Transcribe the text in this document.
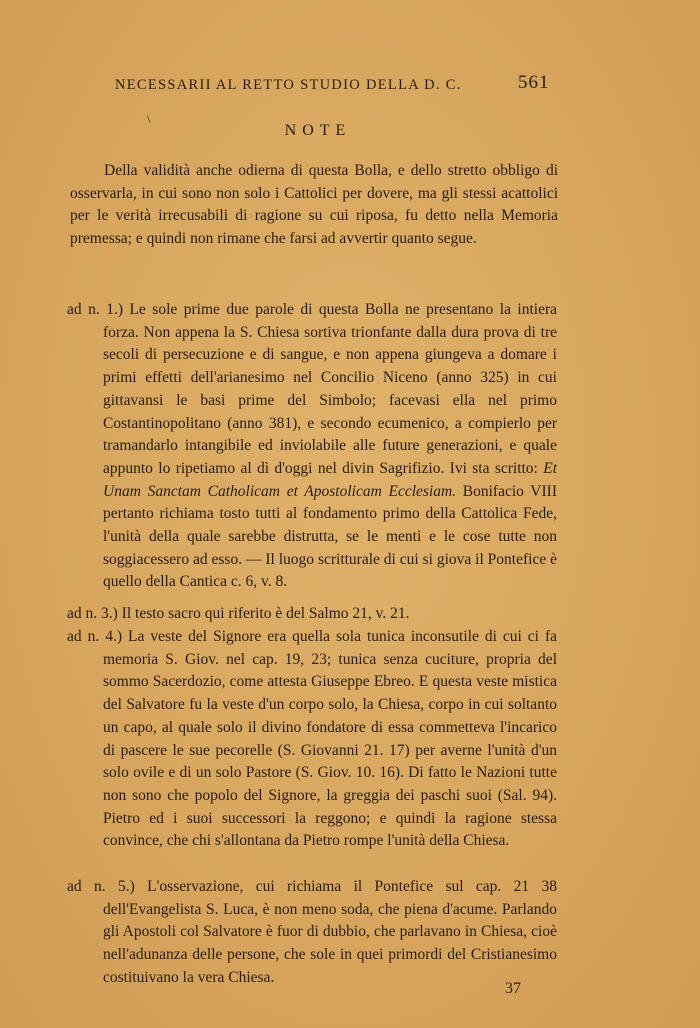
NECESSARII AL RETTO STUDIO DELLA D. C.	561
\
NOTE

Della validità anche odierna di questa Bolla, e dello stretto obbligo di osservarla, in cui sono non solo i Cattolici per dovere, ma gli stessi acattolici per le verità irrecusabili di ragione su cui riposa, fu detto nella Memoria premessa; e quindi non rimane che farsi ad avvertir quanto segue.

ad n. 1.) Le sole prime due parole di questa Bolla ne presentano la intiera forza. Non appena la S. Chiesa sortiva trionfante dalla dura prova di tre secoli di persecuzione e di sangue, e non appena giungeva a domare i primi effetti dell'arianesimo nel Concilio Niceno (anno 325) in cui gittavansi le basi prime del Simbolo; facevasi ella nel primo Costantinopolitano (anno 381), e secondo ecumenico, a compierlo per tramandarlo intangibile ed inviolabile alle future generazioni, e quale appunto lo ripetiamo al dì d'oggi nel divin Sagrifizio. Ivi sta scritto: Et Unam Sanctam Catholicam et Apostolicam Ecclesiam. Bonifacio VIII pertanto richiama tosto tutti al fondamento primo della Cattolica Fede, l'unità della quale sarebbe distrutta, se le menti e le cose tutte non soggiacessero ad esso. — Il luogo scritturale di cui si giova il Pontefice è quello della Cantica c. 6, v. 8.

ad n. 3.) Il testo sacro qui riferito è del Salmo 21, v. 21.

ad n. 4.) La veste del Signore era quella sola tunica inconsutile di cui ci fa memoria S. Giov. nel cap. 19, 23; tunica senza cuciture, propria del sommo Sacerdozio, come attesta Giuseppe Ebreo. E questa veste mistica del Salvatore fu la veste d'un corpo solo, la Chiesa, corpo in cui soltanto un capo, al quale solo il divino fondatore di essa commetteva l'incarico di pascere le sue pecorelle (S. Giovanni 21. 17) per averne l'unità d'un solo ovile e di un solo Pastore (S. Giov. 10. 16). Di fatto le Nazioni tutte non sono che popolo del Signore, la greggia dei paschi suoi (Sal. 94). Pietro ed i suoi successori la reggono; e quindi la ragione stessa convince, che chi s'allontana da Pietro rompe l'unità della Chiesa.

ad n. 5.) L'osservazione, cui richiama il Pontefice sul cap. 21 38 dell'Evangelista S. Luca, è non meno soda, che piena d'acume. Parlando gli Apostoli col Salvatore è fuor di dubbio, che parlavano in Chiesa, cioè nell'adunanza delle persone, che sole in quei primordi del Cristianesimo costituivano la vera Chiesa.

37
